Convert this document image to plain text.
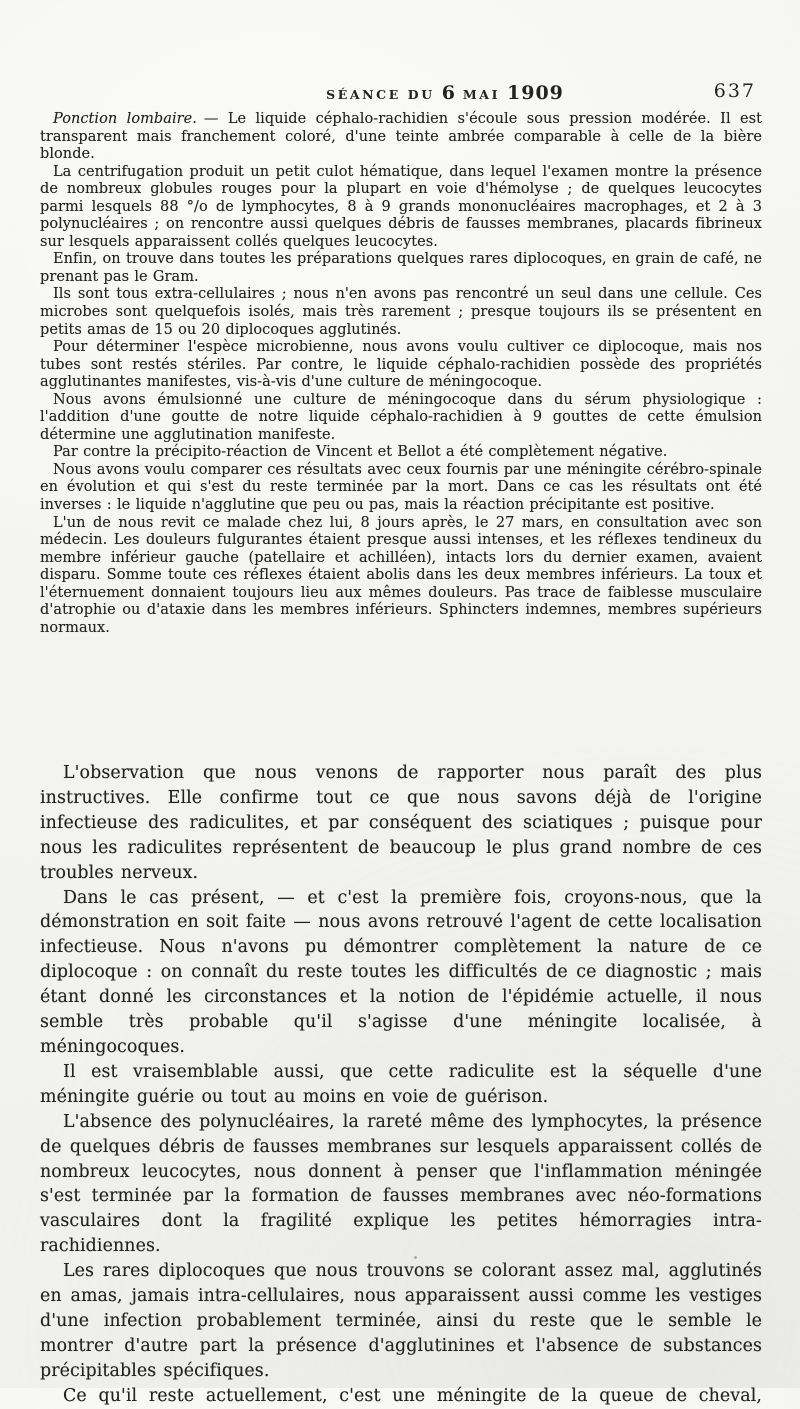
SÉANCE DU 6 MAI 1909	637

Ponction lombaire. — Le liquide céphalo-rachidien s'écoule sous pression modérée. Il est transparent mais franchement coloré, d'une teinte ambrée comparable à celle de la bière blonde.

La centrifugation produit un petit culot hématique, dans lequel l'examen montre la présence de nombreux globules rouges pour la plupart en voie d'hémolyse ; de quelques leucocytes parmi lesquels 88 °/o de lymphocytes, 8 à 9 grands mononucléaires macrophages, et 2 à 3 polynucléaires ; on rencontre aussi quelques débris de fausses membranes, placards fibrineux sur lesquels apparaissent collés quelques leucocytes.

Enfin, on trouve dans toutes les préparations quelques rares diplocoques, en grain de café, ne prenant pas le Gram.

Ils sont tous extra-cellulaires ; nous n'en avons pas rencontré un seul dans une cellule. Ces microbes sont quelquefois isolés, mais très rarement ; presque toujours ils se présentent en petits amas de 15 ou 20 diplocoques agglutinés.

Pour déterminer l'espèce microbienne, nous avons voulu cultiver ce diplocoque, mais nos tubes sont restés stériles. Par contre, le liquide céphalo-rachidien possède des propriétés agglutinantes manifestes, vis-à-vis d'une culture de méningocoque.

Nous avons émulsionné une culture de méningocoque dans du sérum physiologique : l'addition d'une goutte de notre liquide céphalo-rachidien à 9 gouttes de cette émulsion détermine une agglutination manifeste.

Par contre la précipito-réaction de Vincent et Bellot a été complètement négative.

Nous avons voulu comparer ces résultats avec ceux fournis par une méningite cérébro-spinale en évolution et qui s'est du reste terminée par la mort. Dans ce cas les résultats ont été inverses : le liquide n'agglutine que peu ou pas, mais la réaction précipitante est positive.

L'un de nous revit ce malade chez lui, 8 jours après, le 27 mars, en consultation avec son médecin. Les douleurs fulgurantes étaient presque aussi intenses, et les réflexes tendineux du membre inférieur gauche (patellaire et achilléen), intacts lors du dernier examen, avaient disparu. Somme toute ces réflexes étaient abolis dans les deux membres inférieurs. La toux et l'éternuement donnaient toujours lieu aux mêmes douleurs. Pas trace de faiblesse musculaire d'atrophie ou d'ataxie dans les membres inférieurs. Sphincters indemnes, membres supérieurs normaux.

L'observation que nous venons de rapporter nous paraît des plus instructives. Elle confirme tout ce que nous savons déjà de l'origine infectieuse des radiculites, et par conséquent des sciatiques ; puisque pour nous les radiculites représentent de beaucoup le plus grand nombre de ces troubles nerveux.

Dans le cas présent, — et c'est la première fois, croyons-nous, que la démonstration en soit faite — nous avons retrouvé l'agent de cette localisation infectieuse. Nous n'avons pu démontrer complètement la nature de ce diplocoque : on connaît du reste toutes les difficultés de ce diagnostic ; mais étant donné les circonstances et la notion de l'épidémie actuelle, il nous semble très probable qu'il s'agisse d'une méningite localisée, à méningocoques.

Il est vraisemblable aussi, que cette radiculite est la séquelle d'une méningite guérie ou tout au moins en voie de guérison.

L'absence des polynucléaires, la rareté même des lymphocytes, la présence de quelques débris de fausses membranes sur lesquels apparaissent collés de nombreux leucocytes, nous donnent à penser que l'inflammation méningée s'est terminée par la formation de fausses membranes avec néo-formations vasculaires dont la fragilité explique les petites hémorragies intra-rachidiennes.

Les rares diplocoques que nous trouvons se colorant assez mal, agglutinés en amas, jamais intra-cellulaires, nous apparaissent aussi comme les vestiges d'une infection probablement terminée, ainsi du reste que le semble le montrer d'autre part la présence d'agglutinines et l'absence de substances précipitables spécifiques.

Ce qu'il reste actuellement, c'est une méningite de la queue de cheval,
